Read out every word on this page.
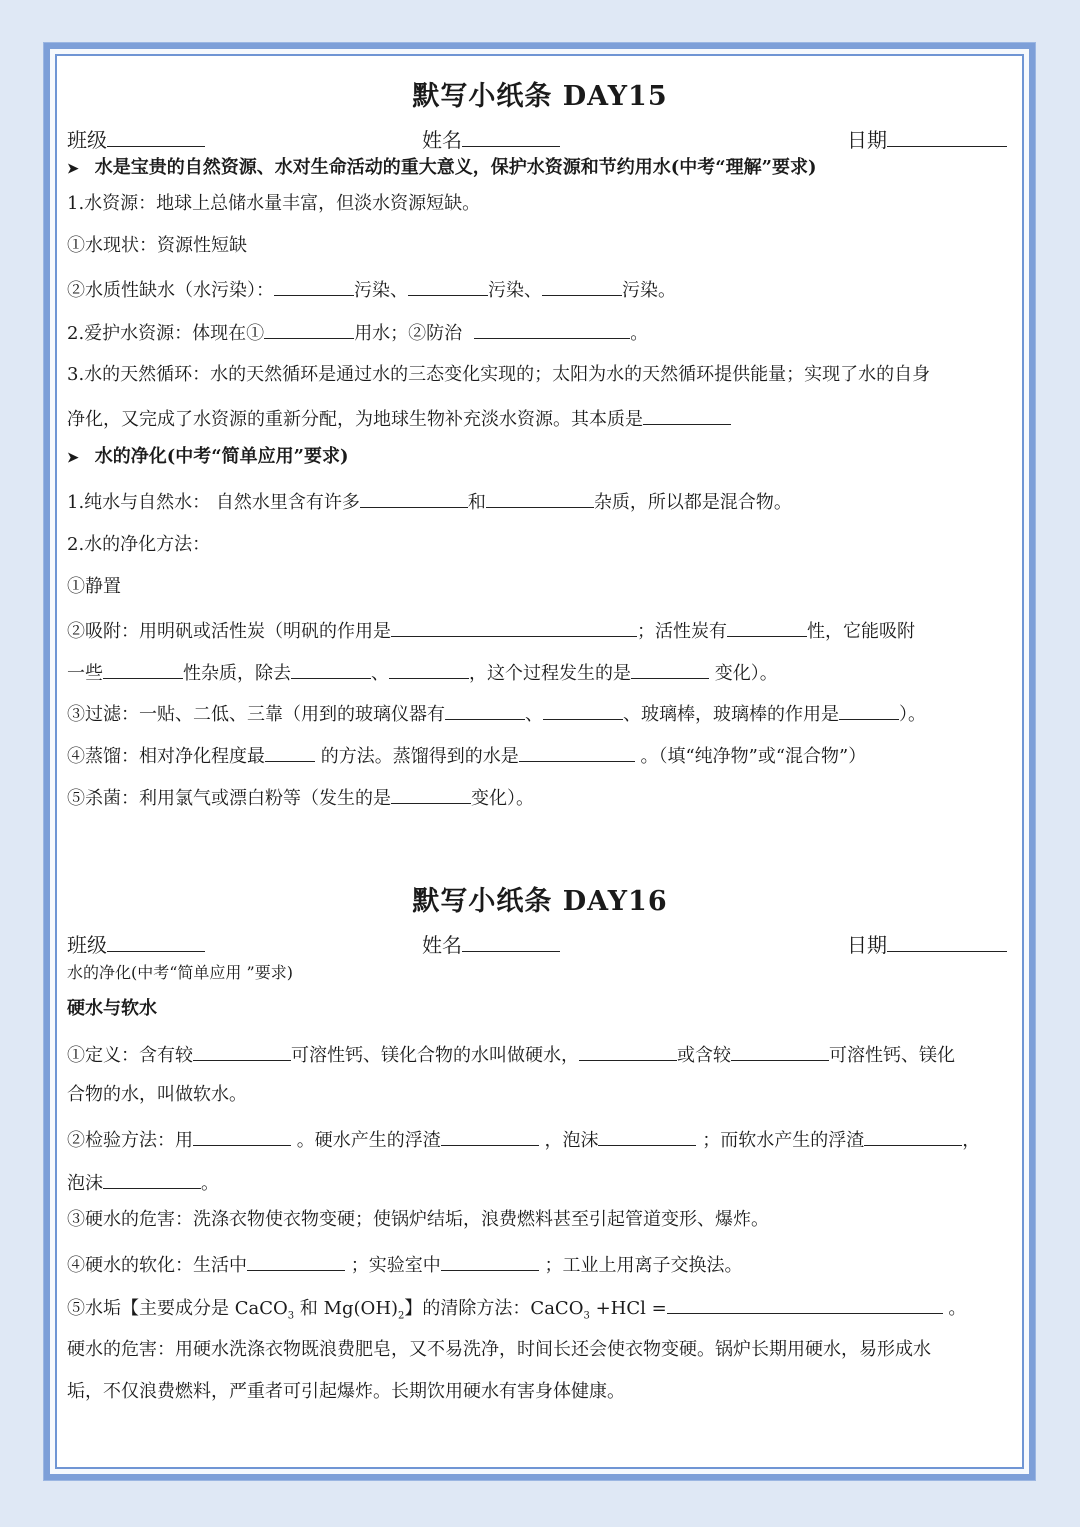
默写小纸条 DAY15
班级	姓名	日期
➤ 水是宝贵的自然资源、水对生命活动的重大意义，保护水资源和节约用水(中考“理解”要求)
1.水资源：地球上总储水量丰富，但淡水资源短缺。
①水现状：资源性短缺
②水质性缺水（水污染）：	污染、	污染、	污染。
2.爱护水资源：体现在①	用水；②防治	。
3.水的天然循环：水的天然循环是通过水的三态变化实现的；太阳为水的天然循环提供能量；实现了水的自身
净化，又完成了水资源的重新分配，为地球生物补充淡水资源。其本质是
➤ 水的净化(中考“简单应用”要求)
1.纯水与自然水： 自然水里含有许多	和	杂质，所以都是混合物。
2.水的净化方法：
①静置
②吸附：用明矾或活性炭（明矾的作用是	；活性炭有	性，它能吸附
一些	性杂质，除去	、	，这个过程发生的是	变化）。
③过滤：一贴、二低、三靠（用到的玻璃仪器有	、	、玻璃棒，玻璃棒的作用是	）。
④蒸馏：相对净化程度最	的方法。蒸馏得到的水是	。（填“纯净物”或“混合物”）
⑤杀菌：利用氯气或漂白粉等（发生的是	变化）。
默写小纸条 DAY16
班级	姓名	日期
水的净化(中考“简单应用 ”要求)
硬水与软水
①定义：含有较	可溶性钙、镁化合物的水叫做硬水，	或含较	可溶性钙、镁化
合物的水，叫做软水。
②检验方法：用	。硬水产生的浮渣	，泡沫	；而软水产生的浮渣	，
泡沫	。
③硬水的危害：洗涤衣物使衣物变硬；使锅炉结垢，浪费燃料甚至引起管道变形、爆炸。
④硬水的软化：生活中	；实验室中	；工业上用离子交换法。
⑤水垢【主要成分是 CaCO$_3$ 和 $Mg(OH)_2$】的清除方法：CaCO$_3$ +HCl =	。
硬水的危害：用硬水洗涤衣物既浪费肥皂，又不易洗净，时间长还会使衣物变硬。锅炉长期用硬水，易形成水
垢，不仅浪费燃料，严重者可引起爆炸。长期饮用硬水有害身体健康。
